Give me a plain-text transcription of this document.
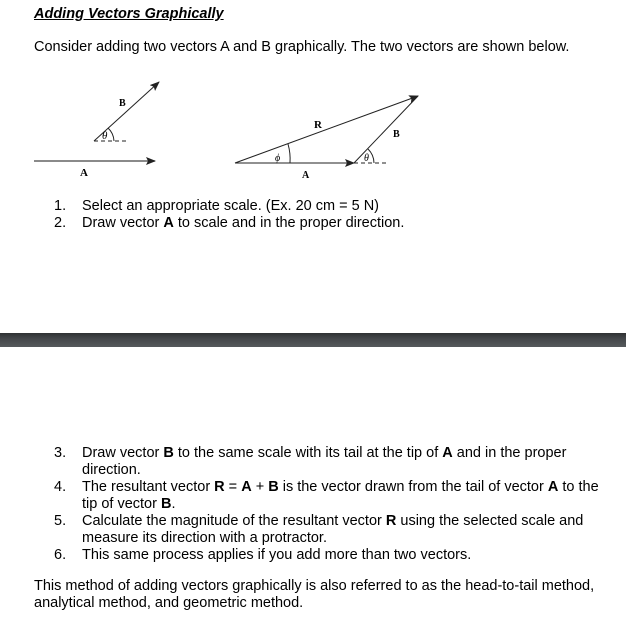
Adding Vectors Graphically
Consider adding two vectors A and B graphically. The two vectors are shown below.
θ
B
ϕ	θ
R
B
A
A
1. Select an appropriate scale. (Ex. 20 cm = 5 N)
2. Draw vector A to scale and in the proper direction.
3. Draw vector B to the same scale with its tail at the tip of A and in the proper direction.
4. The resultant vector R = A + B is the vector drawn from the tail of vector A to the tip of vector B.
5. Calculate the magnitude of the resultant vector R using the selected scale and measure its direction with a protractor.
6. This same process applies if you add more than two vectors.
This method of adding vectors graphically is also referred to as the head-to-tail method, analytical method, and geometric method.
